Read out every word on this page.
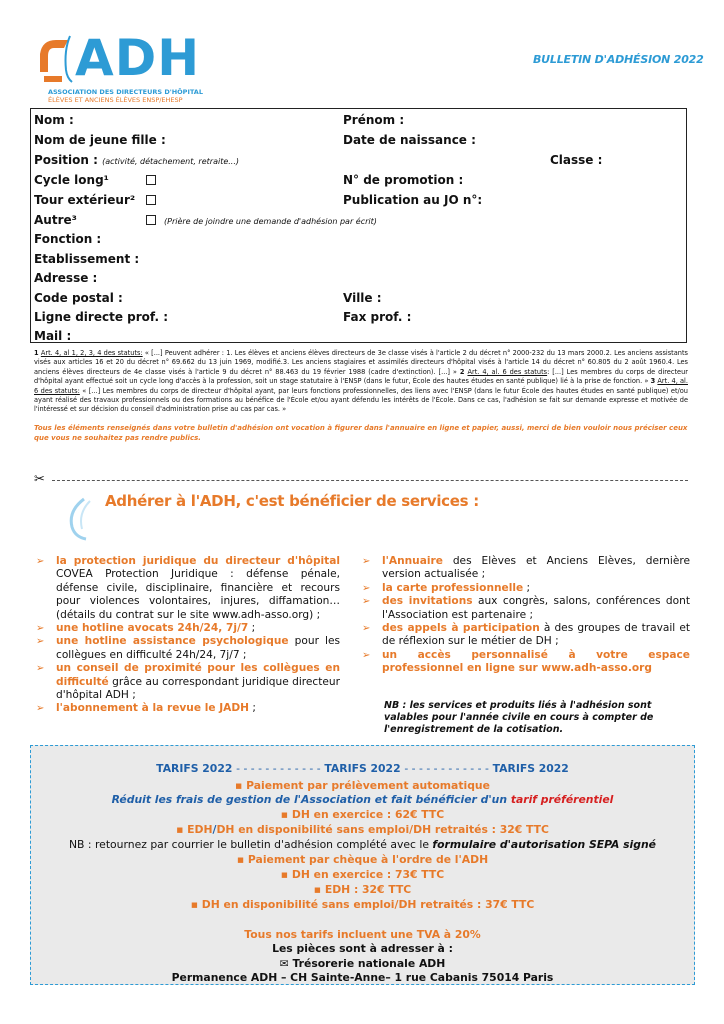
ADH
ASSOCIATION DES DIRECTEURS D'HÔPITAL
ÉLÈVES ET ANCIENS ÉLÈVES ENSP/EHESP
BULLETIN D'ADHÉSION 2022
Nom :	Prénom :
Nom de jeune fille :	Date de naissance :
Position : (activité, détachement, retraite...)	Classe :
Cycle long¹	N° de promotion :
Tour extérieur²	Publication au JO n°:
Autre³	(Prière de joindre une demande d'adhésion par écrit)
Fonction :
Etablissement :
Adresse :
Code postal :	Ville :
Ligne directe prof. :	Fax prof. :
Mail :
1 Art. 4, al 1, 2, 3, 4 des statuts: « [...] Peuvent adhérer : 1. Les élèves et anciens élèves directeurs de 3e classe visés à l'article 2 du décret n° 2000-232 du 13 mars 2000.2. Les anciens assistants visés aux articles 16 et 20 du décret n° 69.662 du 13 juin 1969, modifié.3. Les anciens stagiaires et assimilés directeurs d'hôpital visés à l'article 14 du décret n° 60.805 du 2 août 1960.4. Les anciens élèves directeurs de 4e classe visés à l'article 9 du décret n° 88.463 du 19 février 1988 (cadre d'extinction). [...] » 2 Art. 4, al. 6 des statuts: [...] Les membres du corps de directeur d'hôpital ayant effectué soit un cycle long d'accès à la profession, soit un stage statutaire à l'ENSP (dans le futur, École des hautes études en santé publique) lié à la prise de fonction. » 3 Art. 4, al. 6 des statuts: « [...] Les membres du corps de directeur d'hôpital ayant, par leurs fonctions professionnelles, des liens avec l'ENSP (dans le futur École des hautes études en santé publique) et/ou ayant réalisé des travaux professionnels ou des formations au bénéfice de l'École et/ou ayant défendu les intérêts de l'École. Dans ce cas, l'adhésion se fait sur demande expresse et motivée de l'intéressé et sur décision du conseil d'administration prise au cas par cas. »
Tous les éléments renseignés dans votre bulletin d'adhésion ont vocation à figurer dans l'annuaire en ligne et papier, aussi, merci de bien vouloir nous préciser ceux que vous ne souhaitez pas rendre publics.
✂
Adhérer à l'ADH, c'est bénéficier de services :
➢ la protection juridique du directeur d'hôpital COVEA Protection Juridique : défense pénale, défense civile, disciplinaire, financière et recours pour violences volontaires, injures, diffamation… (détails du contrat sur le site www.adh-asso.org) ;
➢ une hotline avocats 24h/24, 7j/7 ;
➢ une hotline assistance psychologique pour les collègues en difficulté 24h/24, 7j/7 ;
➢ un conseil de proximité pour les collègues en difficulté grâce au correspondant juridique directeur d'hôpital ADH ;
➢ l'abonnement à la revue le JADH ;
➢ l'Annuaire des Elèves et Anciens Elèves, dernière version actualisée ;
➢ la carte professionnelle ;
➢ des invitations aux congrès, salons, conférences dont l'Association est partenaire ;
➢ des appels à participation à des groupes de travail et de réflexion sur le métier de DH ;
➢ un accès personnalisé à votre espace professionnel en ligne sur www.adh-asso.org
NB : les services et produits liés à l'adhésion sont valables pour l'année civile en cours à compter de l'enregistrement de la cotisation.
TARIFS 2022 - - - - - - - - - - - - TARIFS 2022 - - - - - - - - - - - - TARIFS 2022
▪ Paiement par prélèvement automatique
Réduit les frais de gestion de l'Association et fait bénéficier d'un tarif préférentiel
▪ DH en exercice : 62€ TTC
▪ EDH/DH en disponibilité sans emploi/DH retraités : 32€ TTC
NB : retournez par courrier le bulletin d'adhésion complété avec le formulaire d'autorisation SEPA signé
▪ Paiement par chèque à l'ordre de l'ADH
▪ DH en exercice : 73€ TTC
▪ EDH : 32€ TTC
▪ DH en disponibilité sans emploi/DH retraités : 37€ TTC
Tous nos tarifs incluent une TVA à 20%
Les pièces sont à adresser à :
✉ Trésorerie nationale ADH
Permanence ADH – CH Sainte-Anne– 1 rue Cabanis 75014 Paris
